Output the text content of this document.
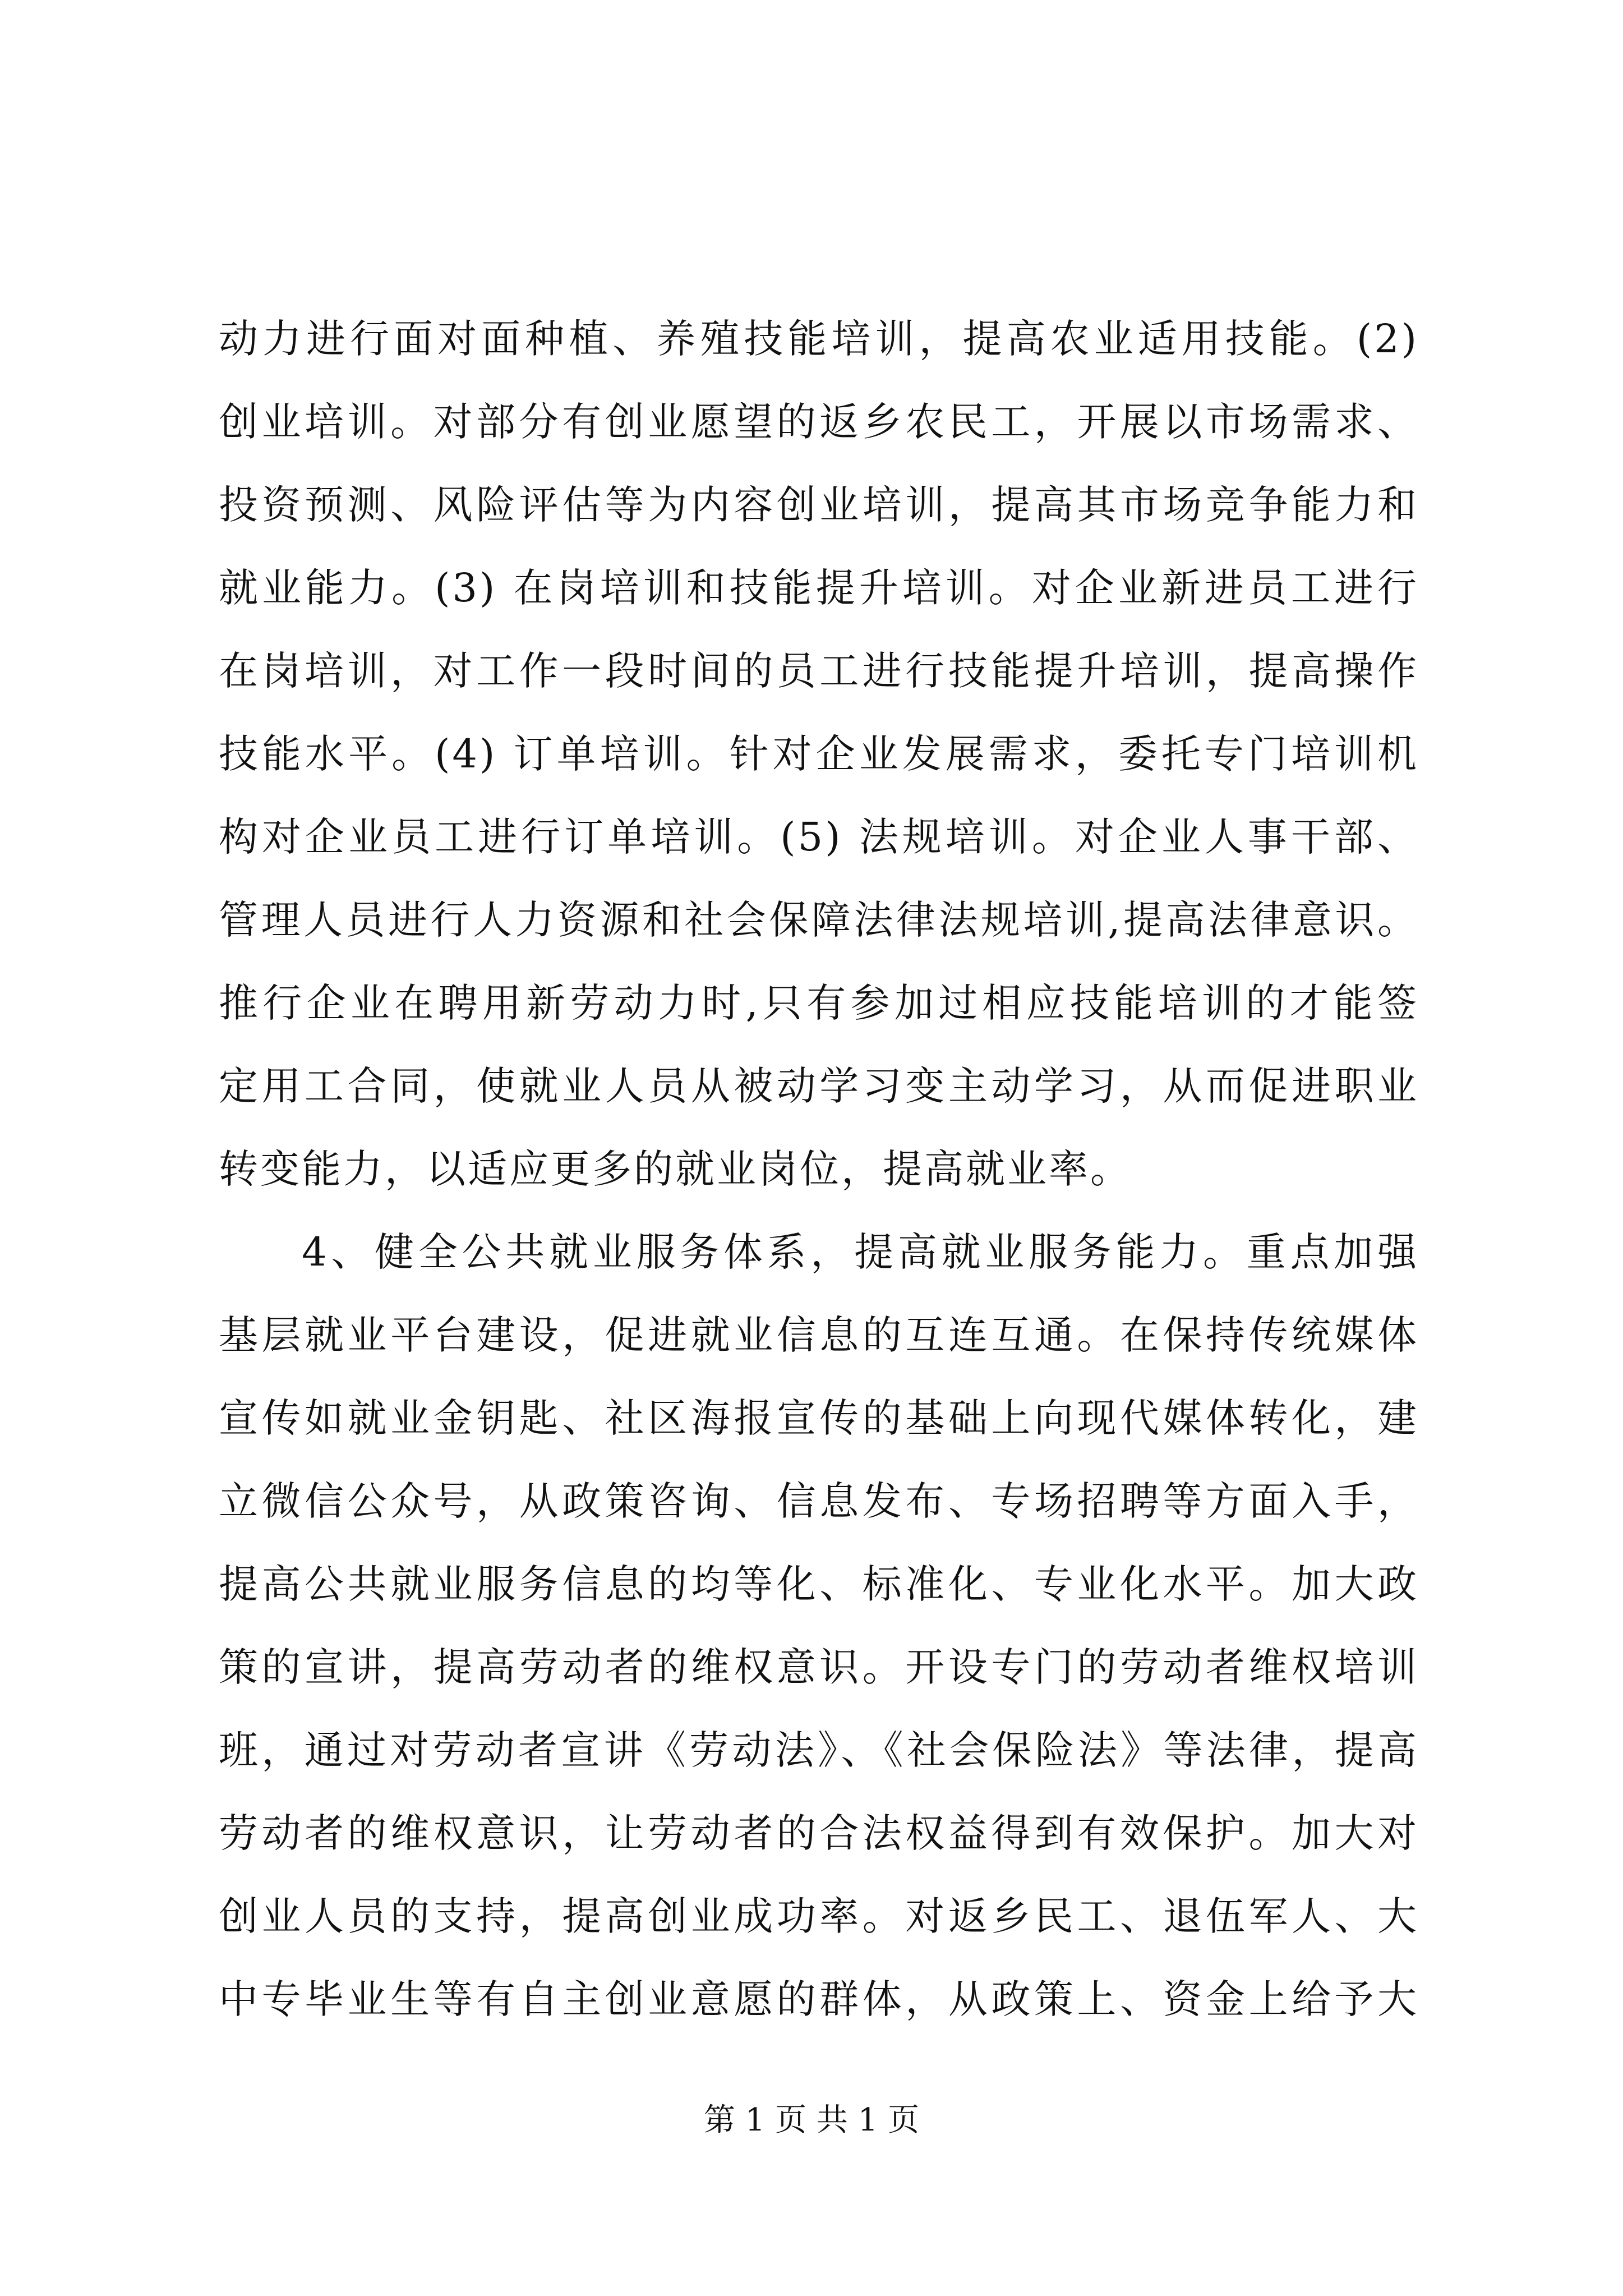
动力进行面对面种植、养殖技能培训，提高农业适用技能。(2)
创业培训。对部分有创业愿望的返乡农民工，开展以市场需求、
投资预测、风险评估等为内容创业培训，提高其市场竞争能力和
就业能力。(3) 在岗培训和技能提升培训。对企业新进员工进行
在岗培训，对工作一段时间的员工进行技能提升培训，提高操作
技能水平。(4) 订单培训。针对企业发展需求，委托专门培训机
构对企业员工进行订单培训。(5) 法规培训。对企业人事干部、
管理人员进行人力资源和社会保障法律法规培训,提高法律意识。
推行企业在聘用新劳动力时,只有参加过相应技能培训的才能签
定用工合同，使就业人员从被动学习变主动学习，从而促进职业
转变能力，以适应更多的就业岗位，提高就业率。
4、健全公共就业服务体系，提高就业服务能力。重点加强
基层就业平台建设，促进就业信息的互连互通。在保持传统媒体
宣传如就业金钥匙、社区海报宣传的基础上向现代媒体转化，建
立微信公众号，从政策咨询、信息发布、专场招聘等方面入手，
提高公共就业服务信息的均等化、标准化、专业化水平。加大政
策的宣讲，提高劳动者的维权意识。开设专门的劳动者维权培训
班，通过对劳动者宣讲《劳动法》、《社会保险法》等法律，提高
劳动者的维权意识，让劳动者的合法权益得到有效保护。加大对
创业人员的支持，提高创业成功率。对返乡民工、退伍军人、大
中专毕业生等有自主创业意愿的群体，从政策上、资金上给予大
第 1 页 共 1 页
